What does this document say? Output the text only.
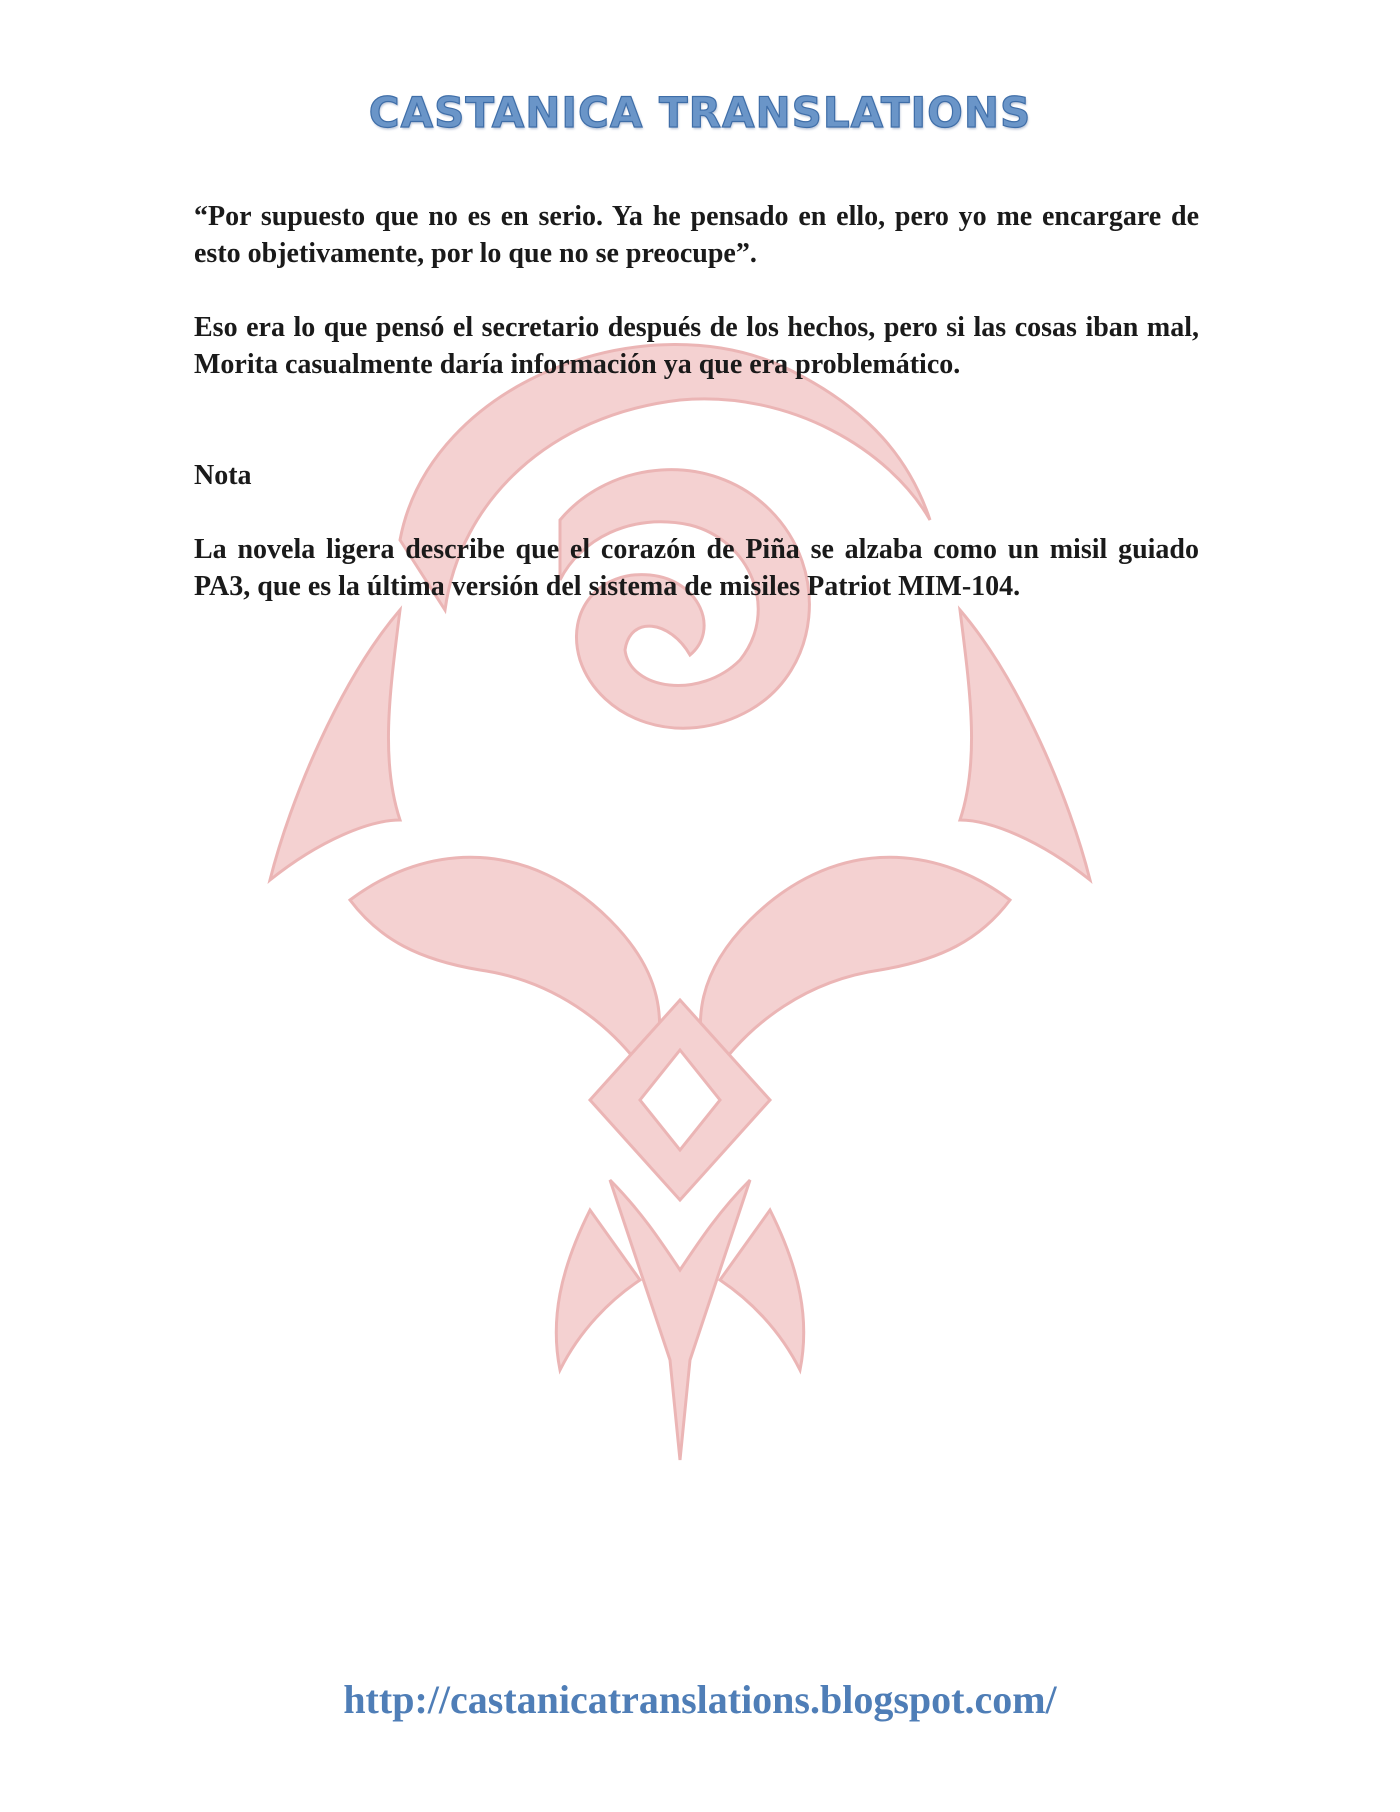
CASTANICA TRANSLATIONS

“Por supuesto que no es en serio. Ya he pensado en ello, pero yo me encargare de esto objetivamente, por lo que no se preocupe”.

Eso era lo que pensó el secretario después de los hechos, pero si las cosas iban mal, Morita casualmente daría información ya que era problemático.

Nota

La novela ligera describe que el corazón de Piña se alzaba como un misil guiado PA3, que es la última versión del sistema de misiles Patriot MIM-104.

http://castanicatranslations.blogspot.com/
